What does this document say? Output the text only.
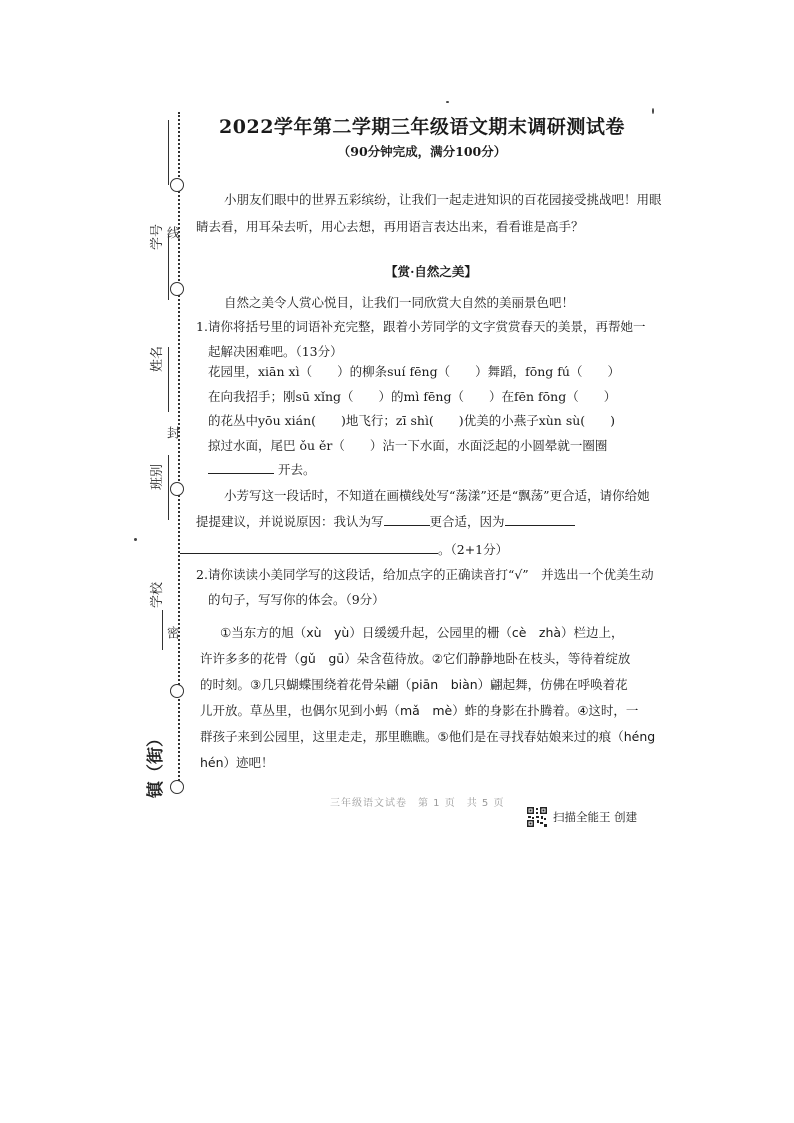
线
封
密
学号
姓名
班别
学校
镇（街）
2022学年第二学期三年级语文期末调研测试卷
（90分钟完成，满分100分）
小朋友们眼中的世界五彩缤纷，让我们一起走进知识的百花园接受挑战吧！用眼睛去看，用耳朵去听，用心去想，再用语言表达出来，看看谁是高手？
【赏·自然之美】
自然之美令人赏心悦目，让我们一同欣赏大自然的美丽景色吧！
1. 请你将括号里的词语补充完整，跟着小芳同学的文字赏赏春天的美景，再帮她一起解决困难吧。（13分）
花园里，xiān xì（　　）的柳条suí fēng（　　）舞蹈，fōng fú（　　）
在向我招手；刚sū xǐng（　　）的mì fēng（　　）在fēn fōng（　　）
的花丛中yōu xián(　　)地飞行；zī shì(　　)优美的小燕子xùn sù(　　)
掠过水面，尾巴 ǒu ěr（　　）沾一下水面，水面泛起的小圆晕就一圈圈
开去。
小芳写这一段话时，不知道在画横线处写“荡漾”还是“飘荡”更合适，请你给她提提建议，并说说原因：我认为写	更合适，因为
。（2+1分）
2. 请你读读小美同学写的这段话，给加点字的正确读音打“√”　并选出一个优美生动的句子，写写你的体会。（9分）
①当东方的旭（xù　yù）日缓缓升起，公园里的栅（cè　zhà）栏边上，
许许多多的花骨（gǔ　gū）朵含苞待放。②它们静静地卧在枝头，等待着绽放
的时刻。③几只蝴蝶围绕着花骨朵翩（piān　biàn）翩起舞，仿佛在呼唤着花
儿开放。草丛里，也偶尔见到小蚂（mǎ　mè）蚱的身影在扑腾着。④这时，一
群孩子来到公园里，这里走走，那里瞧瞧。⑤他们是在寻找春姑娘来过的痕（héng
hén）迹吧！
三年级语文试卷　第 1 页　共 5 页
扫描全能王 创建
